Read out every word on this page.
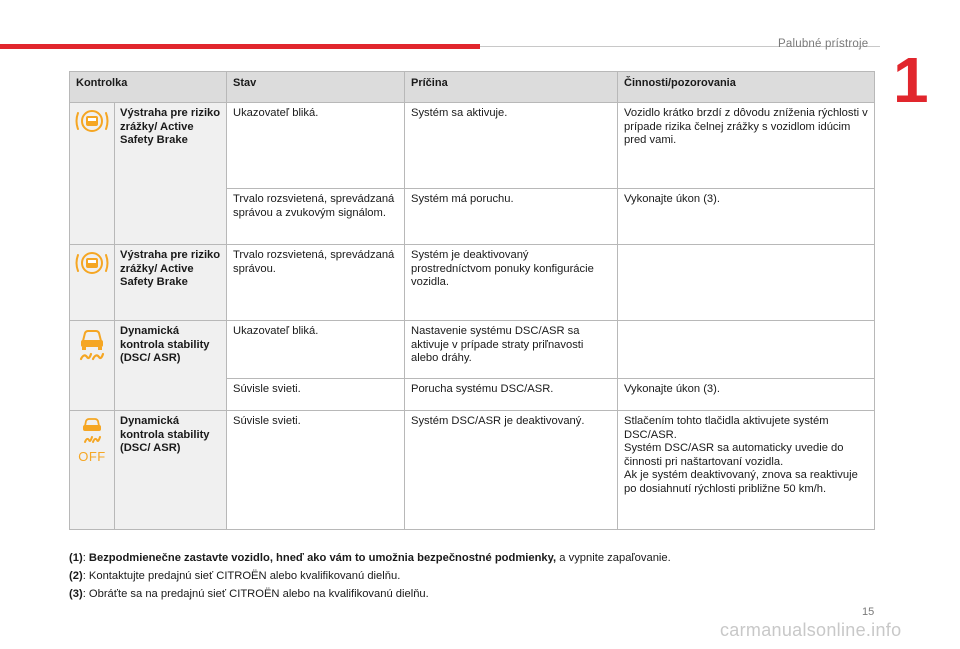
Palubné prístroje 1
Kontrolka		Stav	Príčina	Činnosti/pozorovania
	Výstraha pre riziko zrážky/ Active Safety Brake	Ukazovateľ bliká.	Systém sa aktivuje.	Vozidlo krátko brzdí z dôvodu zníženia rýchlosti v prípade rizika čelnej zrážky s vozidlom idúcim pred vami.
		Trvalo rozsvietená, sprevádzaná správou a zvukovým signálom.	Systém má poruchu.	Vykonajte úkon (3).
	Výstraha pre riziko zrážky/ Active Safety Brake	Trvalo rozsvietená, sprevádzaná správou.	Systém je deaktivovaný prostredníctvom ponuky konfigurácie vozidla.	
	Dynamická kontrola stability (DSC/ ASR)	Ukazovateľ bliká.	Nastavenie systému DSC/ASR sa aktivuje v prípade straty priľnavosti alebo dráhy.	
		Súvisle svieti.	Porucha systému DSC/ASR.	Vykonajte úkon (3).

OFF	Dynamická kontrola stability (DSC/ ASR)	Súvisle svieti.	Systém DSC/ASR je deaktivovaný.	Stlačením tohto tlačidla aktivujete systém DSC/ASR.
Systém DSC/ASR sa automaticky uvedie do činnosti pri naštartovaní vozidla.
Ak je systém deaktivovaný, znova sa reaktivuje po dosiahnutí rýchlosti približne 50 km/h.

(1): Bezpodmienečne zastavte vozidlo, hneď ako vám to umožnia bezpečnostné podmienky, a vypnite zapaľovanie.

(2): Kontaktujte predajnú sieť CITROËN alebo kvalifikovanú dielňu.

(3): Obráťte sa na predajnú sieť CITROËN alebo na kvalifikovanú dielňu.

15
carmanualsonline.info
